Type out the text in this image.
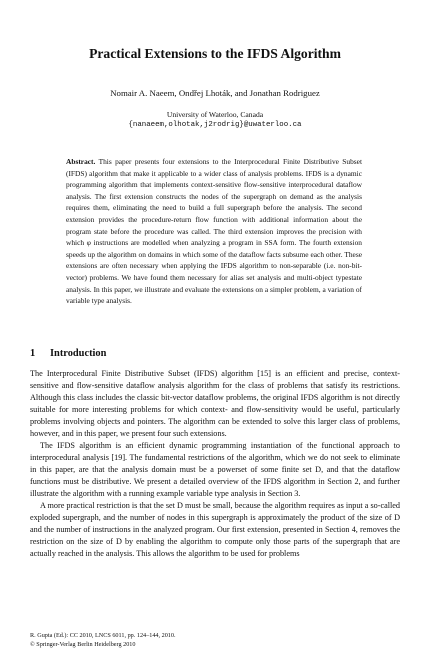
Practical Extensions to the IFDS Algorithm
Nomair A. Naeem, Ondřej Lhoták, and Jonathan Rodriguez
University of Waterloo, Canada
{nanaeem,olhotak,j2rodrig}@uwaterloo.ca
Abstract. This paper presents four extensions to the Interprocedural Finite Distributive Subset (IFDS) algorithm that make it applicable to a wider class of analysis problems. IFDS is a dynamic programming algorithm that implements context-sensitive flow-sensitive interprocedural dataflow analysis. The first extension constructs the nodes of the supergraph on demand as the analysis requires them, eliminating the need to build a full supergraph before the analysis. The second extension provides the procedure-return flow function with additional information about the program state before the procedure was called. The third extension improves the precision with which φ instructions are modelled when analyzing a program in SSA form. The fourth extension speeds up the algorithm on domains in which some of the dataflow facts subsume each other. These extensions are often necessary when applying the IFDS algorithm to non-separable (i.e. non-bit-vector) problems. We have found them necessary for alias set analysis and multi-object typestate analysis. In this paper, we illustrate and evaluate the extensions on a simpler problem, a variation of variable type analysis.
1 Introduction

The Interprocedural Finite Distributive Subset (IFDS) algorithm [15] is an efficient and precise, context-sensitive and flow-sensitive dataflow analysis algorithm for the class of problems that satisfy its restrictions. Although this class includes the classic bit-vector dataflow problems, the original IFDS algorithm is not directly suitable for more interesting problems for which context- and flow-sensitivity would be useful, particularly problems involving objects and pointers. The algorithm can be extended to solve this larger class of problems, however, and in this paper, we present four such extensions.

The IFDS algorithm is an efficient dynamic programming instantiation of the functional approach to interprocedural analysis [19]. The fundamental restrictions of the algorithm, which we do not seek to eliminate in this paper, are that the analysis domain must be a powerset of some finite set D, and that the dataflow functions must be distributive. We present a detailed overview of the IFDS algorithm in Section 2, and further illustrate the algorithm with a running example variable type analysis in Section 3.

A more practical restriction is that the set D must be small, because the algorithm requires as input a so-called exploded supergraph, and the number of nodes in this supergraph is approximately the product of the size of D and the number of instructions in the analyzed program. Our first extension, presented in Section 4, removes the restriction on the size of D by enabling the algorithm to compute only those parts of the supergraph that are actually reached in the analysis. This allows the algorithm to be used for problems

R. Gupta (Ed.): CC 2010, LNCS 6011, pp. 124–144, 2010.
© Springer-Verlag Berlin Heidelberg 2010
